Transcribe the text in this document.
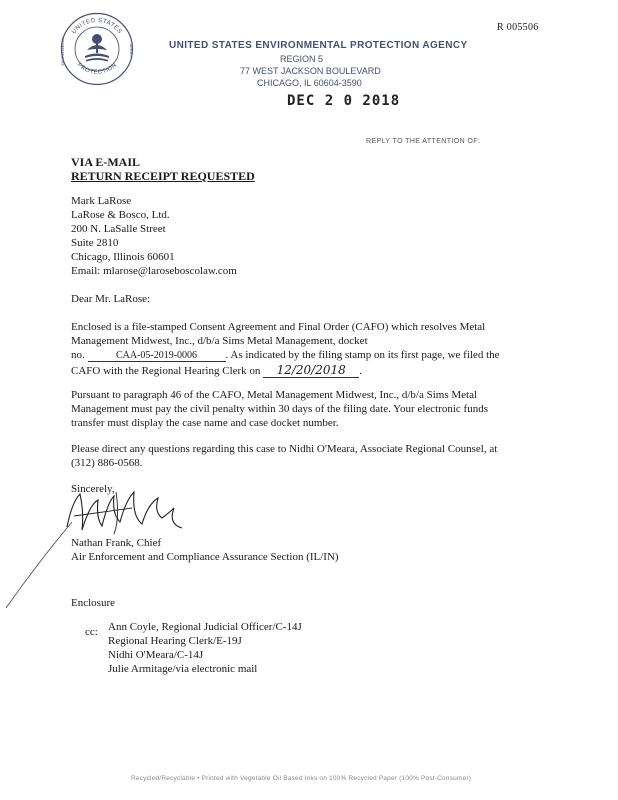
R 005506
UNITED STATES
PROTECTION
AGENCY
ENVIRONMENTAL	UNITED STATES ENVIRONMENTAL PROTECTION AGENCY
REGION 5
77 WEST JACKSON BOULEVARD
CHICAGO, IL 60604-3590
DEC 2 0 2018
REPLY TO THE ATTENTION OF:
VIA E-MAIL
RETURN RECEIPT REQUESTED
Mark LaRose
LaRose & Bosco, Ltd.
200 N. LaSalle Street
Suite 2810
Chicago, Illinois 60601
Email: mlarose@laroseboscolaw.com
Dear Mr. LaRose:
Enclosed is a file-stamped Consent Agreement and Final Order (CAFO) which resolves Metal
Management Midwest, Inc., d/b/a Sims Metal Management, docket
no.	CAA-05-2019-0006	. As indicated by the filing stamp on its first page, we filed the
CAFO with the Regional Hearing Clerk on 12/20/2018 .
Pursuant to paragraph 46 of the CAFO, Metal Management Midwest, Inc., d/b/a Sims Metal
Management must pay the civil penalty within 30 days of the filing date. Your electronic funds
transfer must display the case name and case docket number.
Please direct any questions regarding this case to Nidhi O'Meara, Associate Regional Counsel, at
(312) 886-0568.
Sincerely,
Nathan Frank, Chief
Air Enforcement and Compliance Assurance Section (IL/IN)
Enclosure
cc: Ann Coyle, Regional Judicial Officer/C-14J
Regional Hearing Clerk/E-19J
Nidhi O'Meara/C-14J
Julie Armitage/via electronic mail
Recycled/Recyclable • Printed with Vegetable Oil Based Inks on 100% Recycled Paper (100% Post-Consumer)
